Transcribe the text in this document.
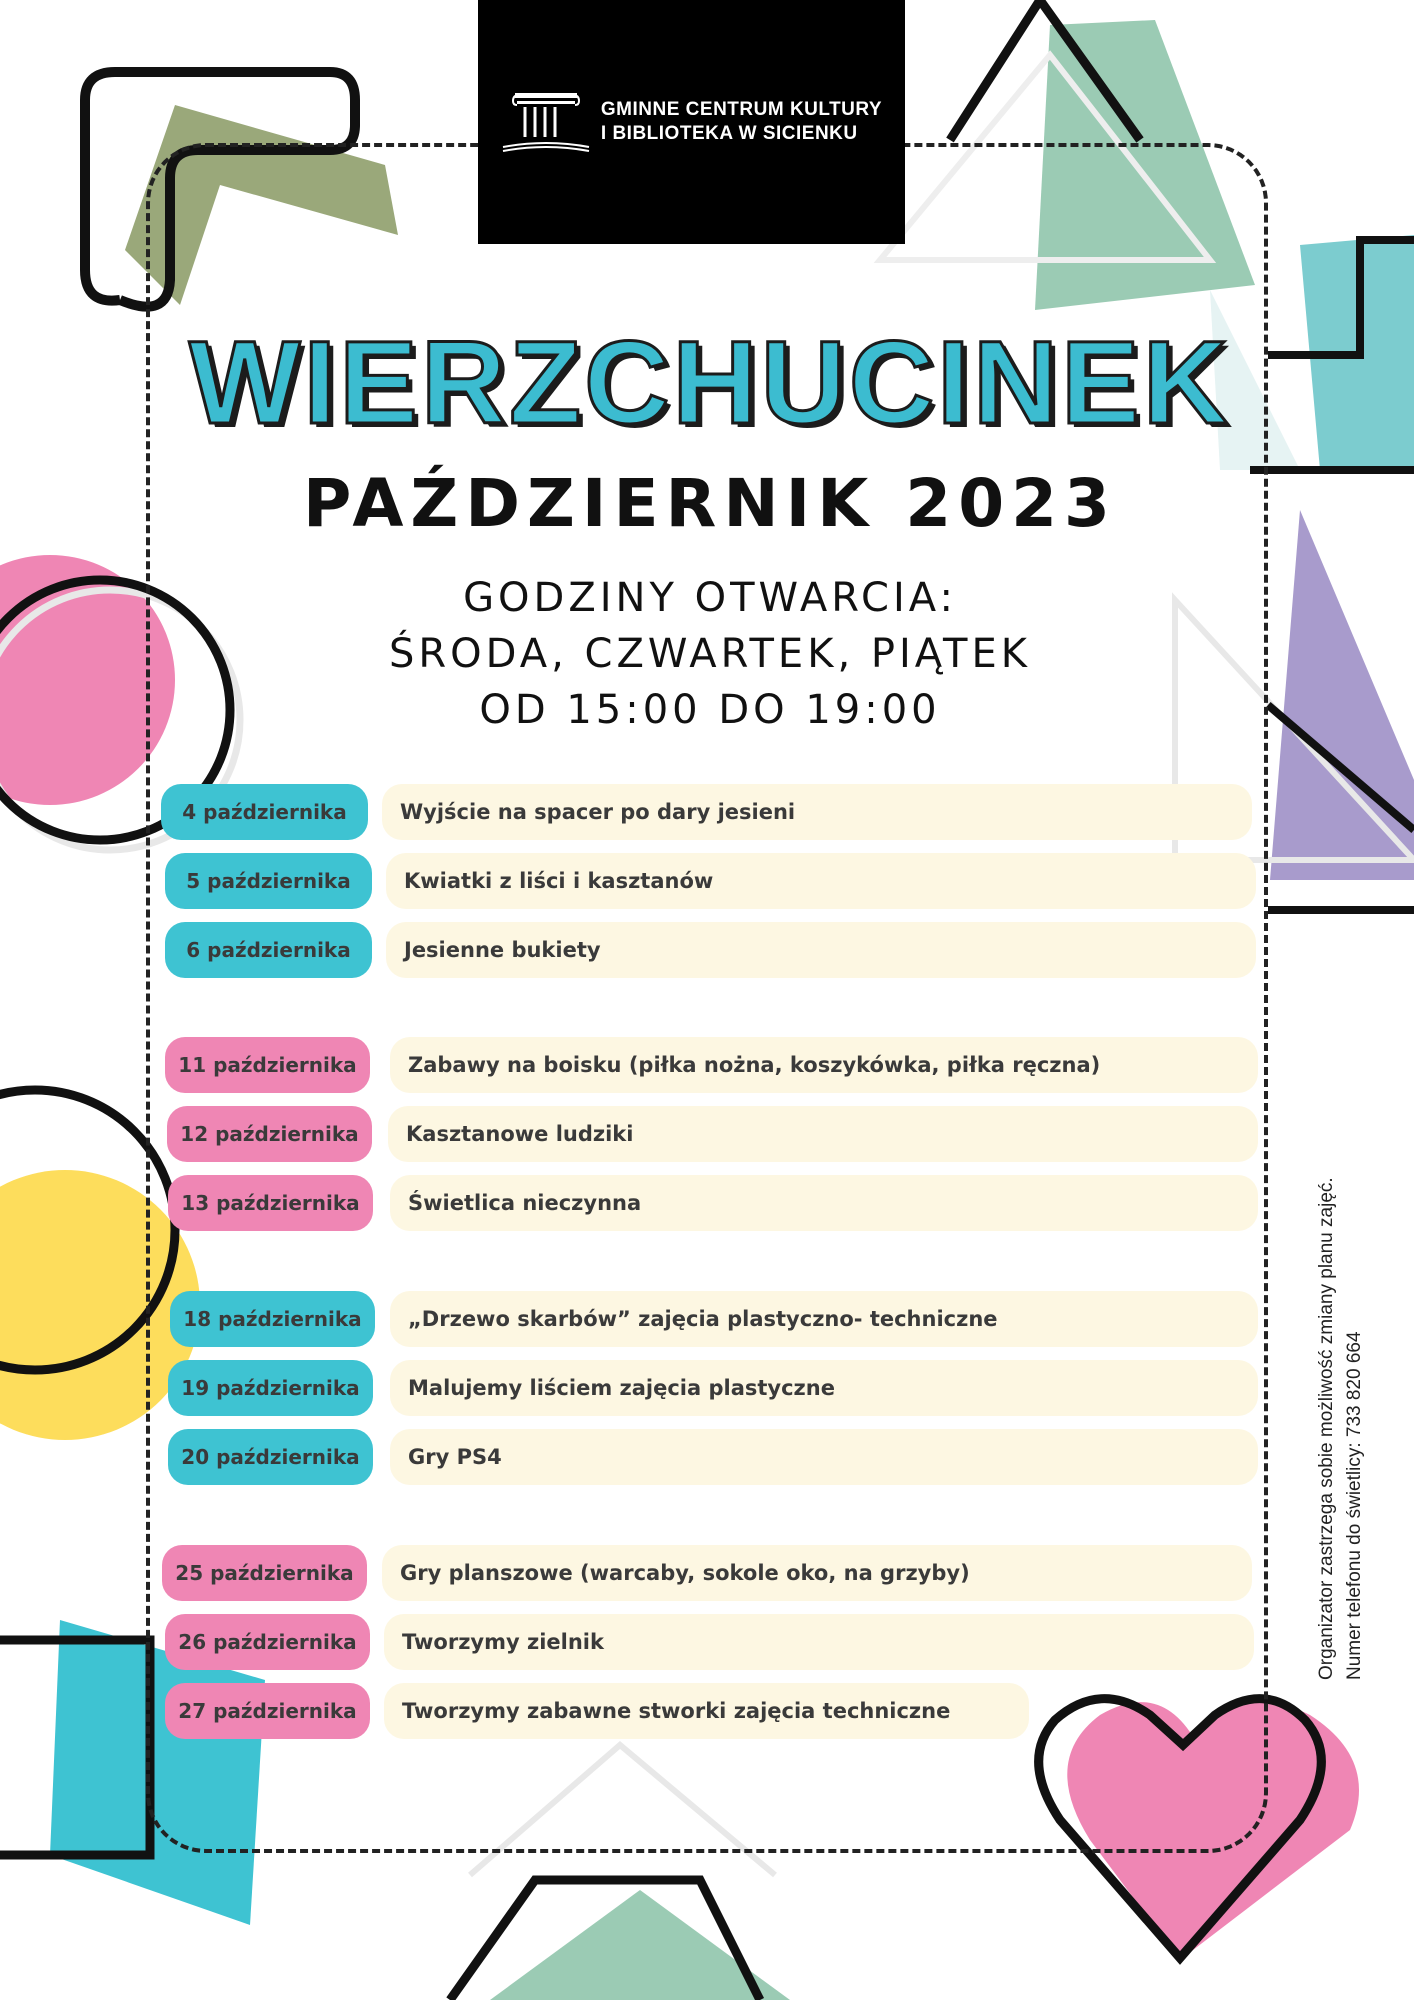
GMINNE CENTRUM KULTURY
I BIBLIOTEKA W SICIENKU
WIERZCHUCINEK
PAŹDZIERNIK 2023
GODZINY OTWARCIA:
ŚRODA, CZWARTEK, PIĄTEK
OD 15:00 DO 19:00
4 października	Wyjście na spacer po dary jesieni
5 października	Kwiatki z liści i kasztanów
6 października	Jesienne bukiety
11 października	Zabawy na boisku (piłka nożna, koszykówka, piłka ręczna)
12 października	Kasztanowe ludziki
13 października	Świetlica nieczynna
18 października	„Drzewo skarbów” zajęcia plastyczno- techniczne
19 października	Malujemy liściem zajęcia plastyczne
20 października	Gry PS4
25 października	Gry planszowe (warcaby, sokole oko, na grzyby)
26 października	Tworzymy zielnik
27 października	Tworzymy zabawne stworki zajęcia techniczne
Organizator zastrzega sobie możliwość zmiany planu zajęć. Numer telefonu do świetlicy: 733 820 664
